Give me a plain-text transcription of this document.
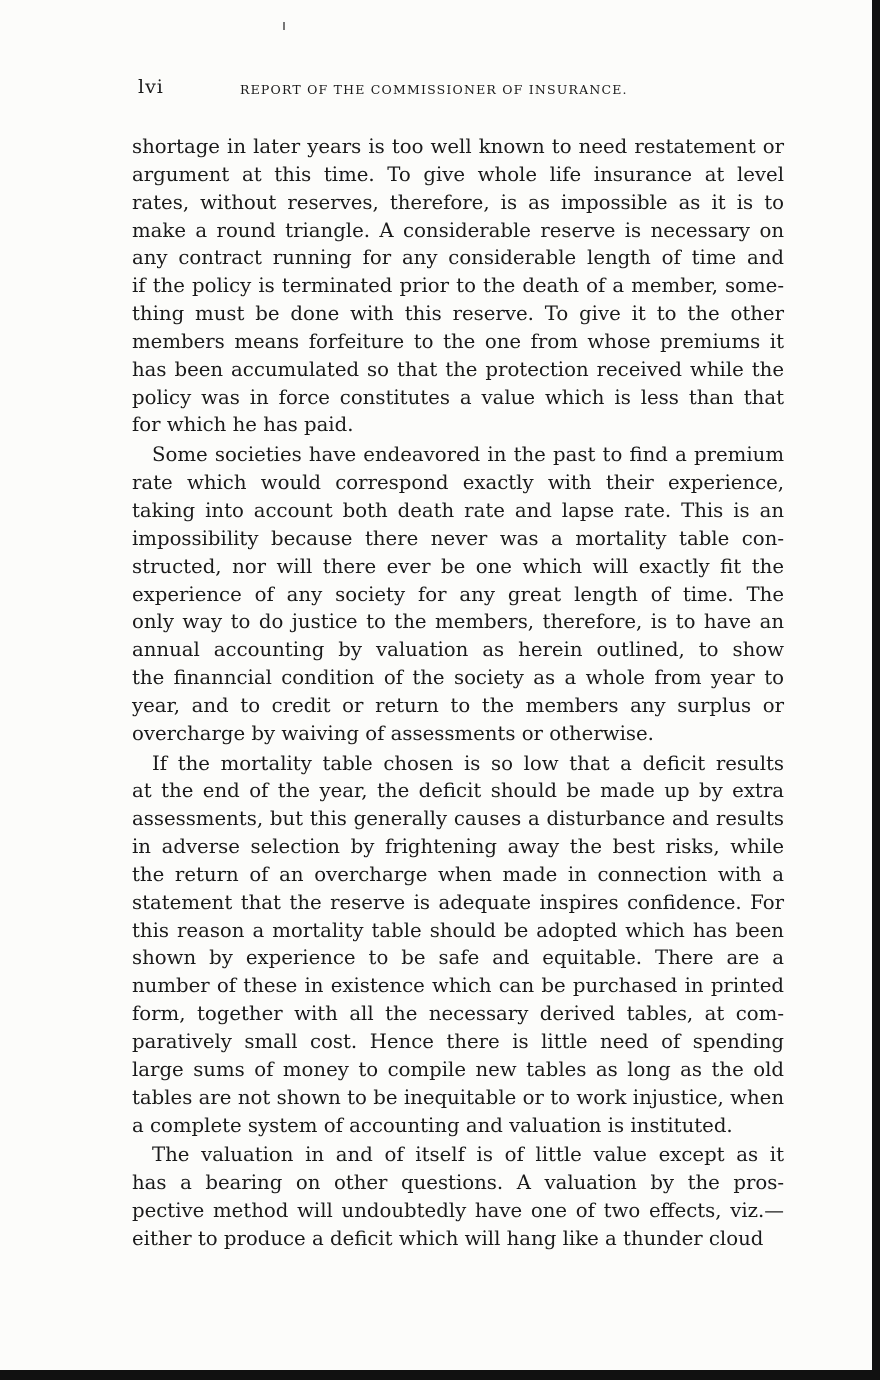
lvi	REPORT OF THE COMMISSIONER OF INSURANCE.

shortage in later years is too well known to need restatement or
argument at this time. To give whole life insurance at level
rates, without reserves, therefore, is as impossible as it is to
make a round triangle. A considerable reserve is necessary on
any contract running for any considerable length of time and
if the policy is terminated prior to the death of a member, some-
thing must be done with this reserve. To give it to the other
members means forfeiture to the one from whose premiums it
has been accumulated so that the protection received while the
policy was in force constitutes a value which is less than that
for which he has paid.

Some societies have endeavored in the past to find a premium
rate which would correspond exactly with their experience,
taking into account both death rate and lapse rate. This is an
impossibility because there never was a mortality table con-
structed, nor will there ever be one which will exactly fit the
experience of any society for any great length of time. The
only way to do justice to the members, therefore, is to have an
annual accounting by valuation as herein outlined, to show
the finanncial condition of the society as a whole from year to
year, and to credit or return to the members any surplus or
overcharge by waiving of assessments or otherwise.

If the mortality table chosen is so low that a deficit results
at the end of the year, the deficit should be made up by extra
assessments, but this generally causes a disturbance and results
in adverse selection by frightening away the best risks, while
the return of an overcharge when made in connection with a
statement that the reserve is adequate inspires confidence. For
this reason a mortality table should be adopted which has been
shown by experience to be safe and equitable. There are a
number of these in existence which can be purchased in printed
form, together with all the necessary derived tables, at com-
paratively small cost. Hence there is little need of spending
large sums of money to compile new tables as long as the old
tables are not shown to be inequitable or to work injustice, when
a complete system of accounting and valuation is instituted.

The valuation in and of itself is of little value except as it
has a bearing on other questions. A valuation by the pros-
pective method will undoubtedly have one of two effects, viz.—
either to produce a deficit which will hang like a thunder cloud
